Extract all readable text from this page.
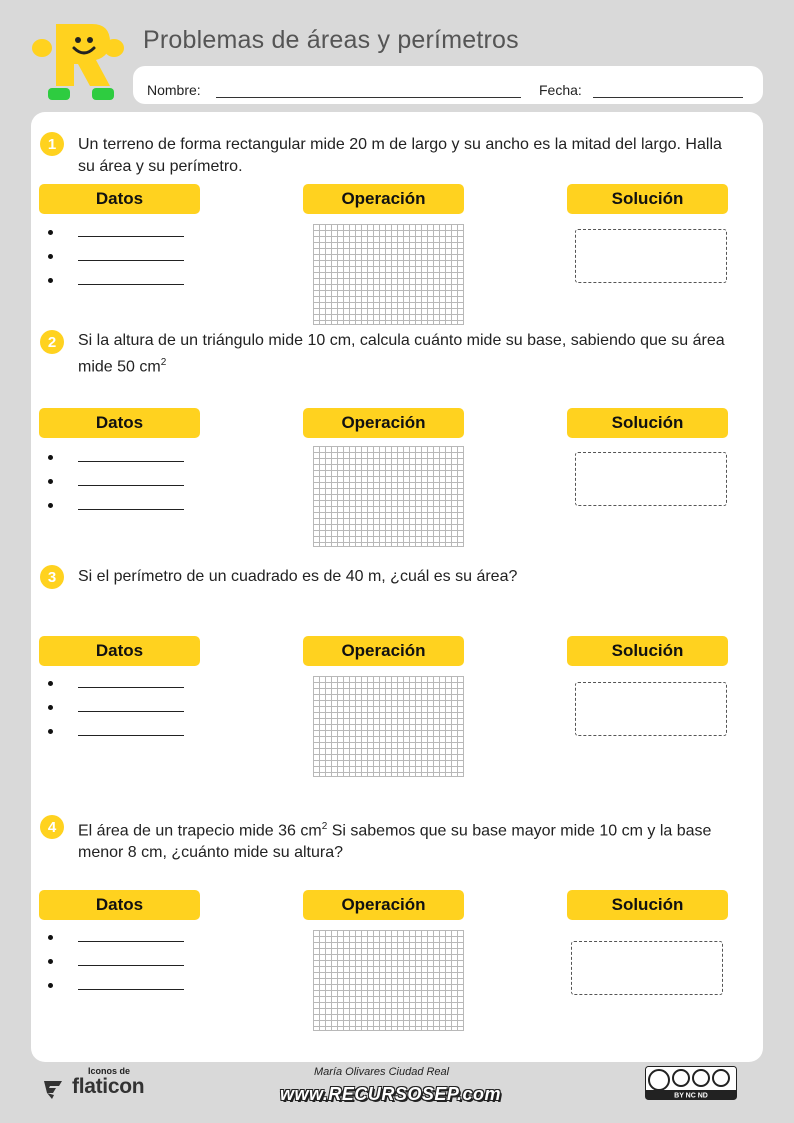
Problemas de áreas y perímetros
Nombre:	Fecha:
1	Un terreno de forma rectangular mide 20 m de largo y su ancho es la mitad del largo. Halla su área y su perímetro.
Datos	Operación	Solución
2	Si la altura de un triángulo mide 10 cm, calcula cuánto mide su base, sabiendo que su área mide 50 $cm^2$
Datos	Operación	Solución
3	Si el perímetro de un cuadrado es de 40 m, ¿cuál es su área?
Datos	Operación	Solución
4	El área de un trapecio mide 36 $cm^2$ Si sabemos que su base mayor mide 10 cm y la base menor 8 cm, ¿cuánto mide su altura?
Datos	Operación	Solución
Iconos de
flaticon
María Olivares Ciudad Real
www.RECURSOSEP.com	BY NC ND
